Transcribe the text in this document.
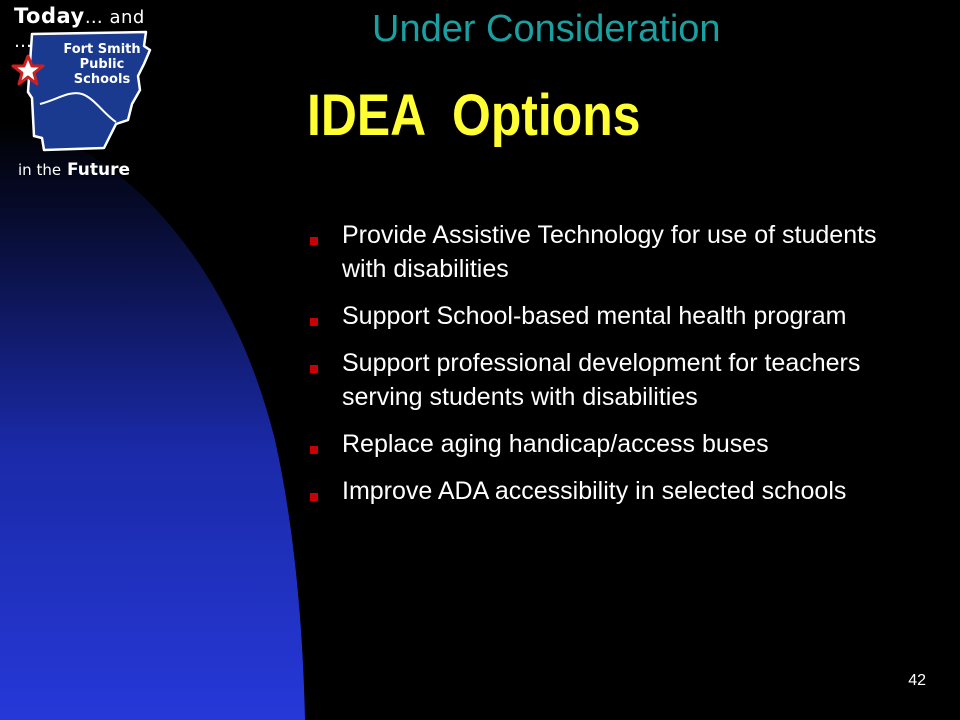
Today… and …	Fort Smith Public Schools
in the Future
Under Consideration
IDEA  Options
Provide Assistive Technology for use of students with disabilities
Support School-based mental health program
Support professional development for teachers serving students with disabilities
Replace aging handicap/access buses
Improve ADA accessibility in selected schools
42
